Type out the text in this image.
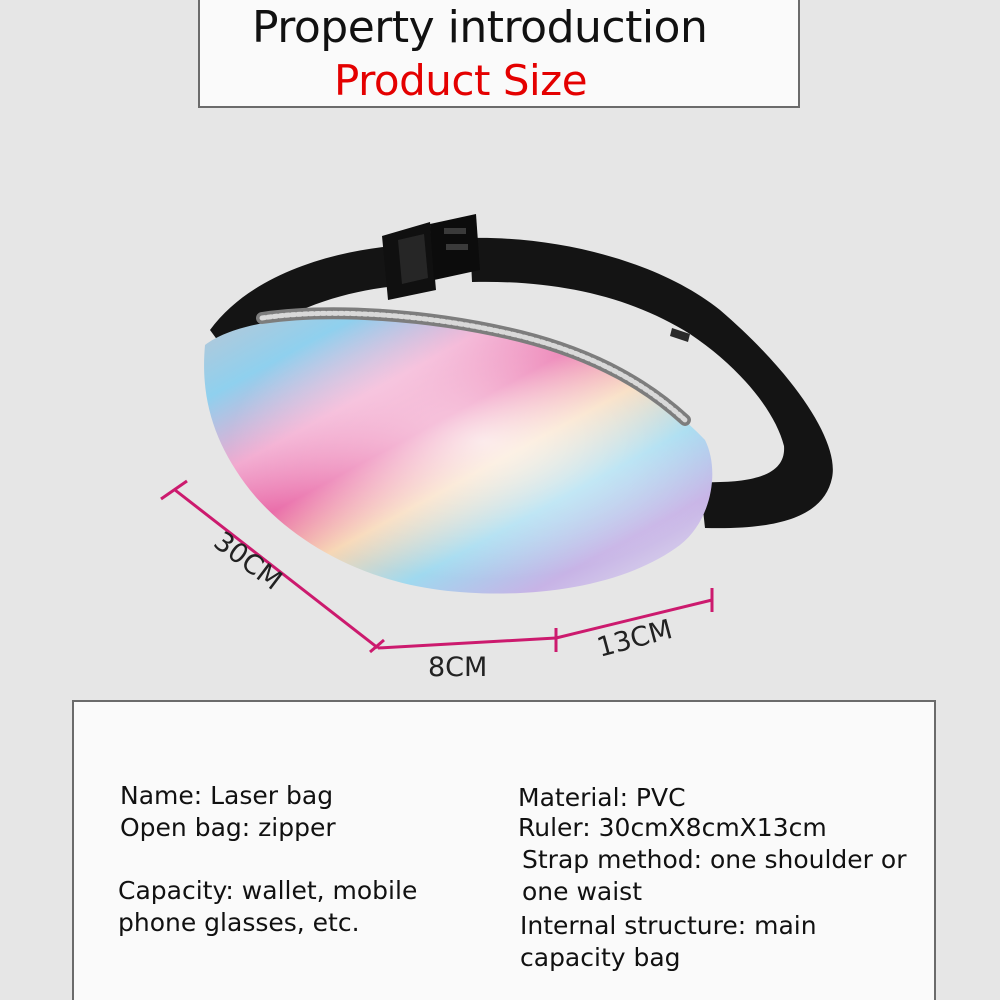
Property introduction
Product Size
30CM
8CM
13CM

Name: Laser bag

Open bag: zipper

Capacity: wallet, mobile

phone glasses, etc.

Material: PVC

Ruler: 30cmX8cmX13cm

Strap method: one shoulder or

one waist

Internal structure: main

capacity bag
